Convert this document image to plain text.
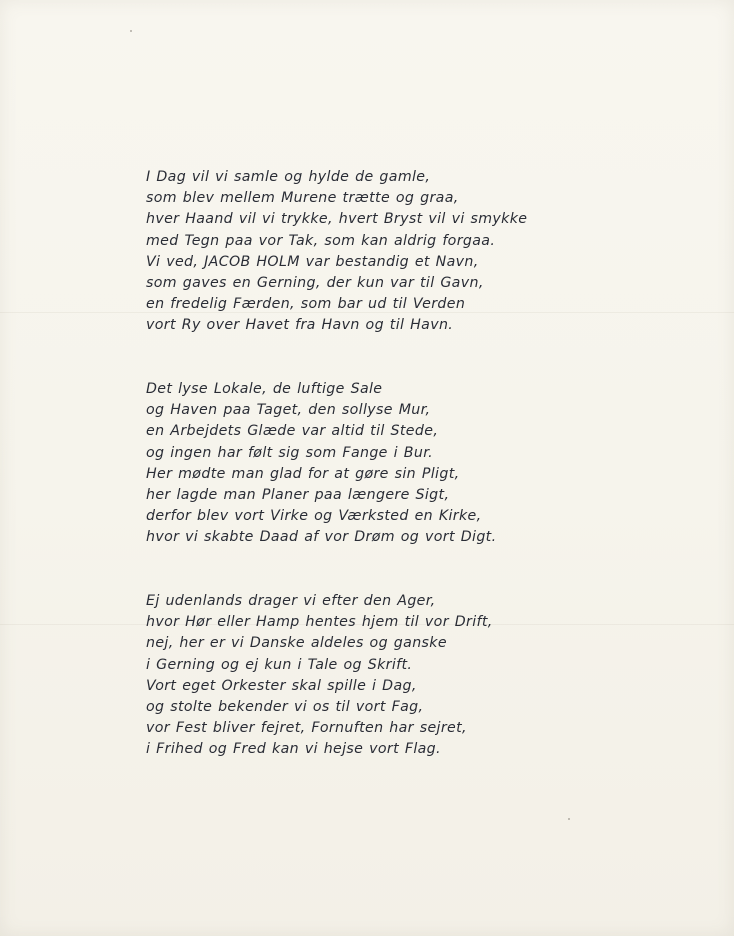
I Dag vil vi samle og hylde de gamle,
som blev mellem Murene trætte og graa,
hver Haand vil vi trykke, hvert Bryst vil vi smykke
med Tegn paa vor Tak, som kan aldrig forgaa.
Vi ved, JACOB HOLM var bestandig et Navn,
som gaves en Gerning, der kun var til Gavn,
en fredelig Færden, som bar ud til Verden
vort Ry over Havet fra Havn og til Havn.
Det lyse Lokale, de luftige Sale
og Haven paa Taget, den sollyse Mur,
en Arbejdets Glæde var altid til Stede,
og ingen har følt sig som Fange i Bur.
Her mødte man glad for at gøre sin Pligt,
her lagde man Planer paa længere Sigt,
derfor blev vort Virke og Værksted en Kirke,
hvor vi skabte Daad af vor Drøm og vort Digt.
Ej udenlands drager vi efter den Ager,
hvor Hør eller Hamp hentes hjem til vor Drift,
nej, her er vi Danske aldeles og ganske
i Gerning og ej kun i Tale og Skrift.
Vort eget Orkester skal spille i Dag,
og stolte bekender vi os til vort Fag,
vor Fest bliver fejret, Fornuften har sejret,
i Frihed og Fred kan vi hejse vort Flag.
